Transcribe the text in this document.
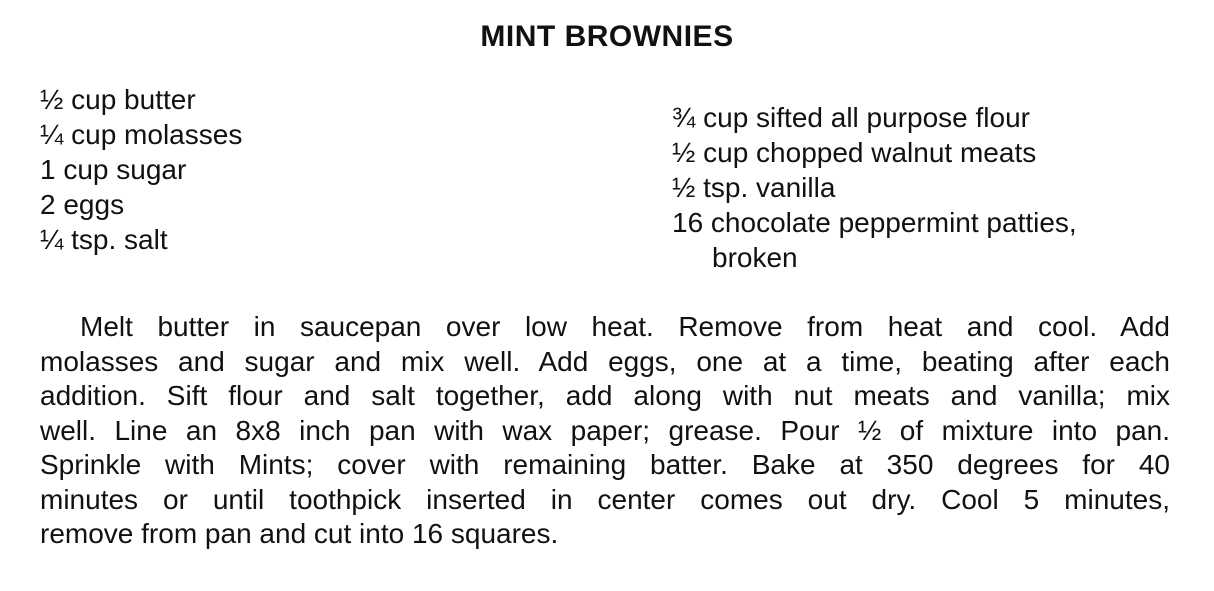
MINT BROWNIES
½ cup butter
¼ cup molasses
1 cup sugar
2 eggs
¼ tsp. salt
¾ cup sifted all purpose flour
½ cup chopped walnut meats
½ tsp. vanilla
16 chocolate peppermint patties,
broken
Melt butter in saucepan over low heat. Remove from heat and cool. Add
molasses and sugar and mix well. Add eggs, one at a time, beating after each
addition. Sift flour and salt together, add along with nut meats and vanilla; mix
well. Line an 8x8 inch pan with wax paper; grease. Pour ½ of mixture into pan.
Sprinkle with Mints; cover with remaining batter. Bake at 350 degrees for 40
minutes or until toothpick inserted in center comes out dry. Cool 5 minutes,
remove from pan and cut into 16 squares.
